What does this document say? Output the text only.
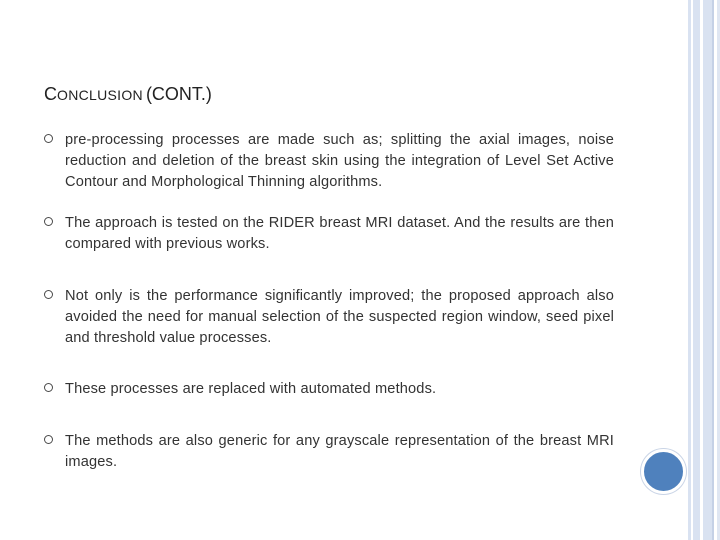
CONCLUSION (CONT.)
pre-processing processes are made such as; splitting the axial images, noise reduction and deletion of the breast skin using the integration of Level Set Active Contour and Morphological Thinning algorithms.
The approach is tested on the RIDER breast MRI dataset. And the results are then compared with previous works.
Not only is the performance significantly improved; the proposed approach also avoided the need for manual selection of the suspected region window, seed pixel and threshold value processes.
These processes are replaced with automated methods.
The methods are also generic for any grayscale representation of the breast MRI images.
